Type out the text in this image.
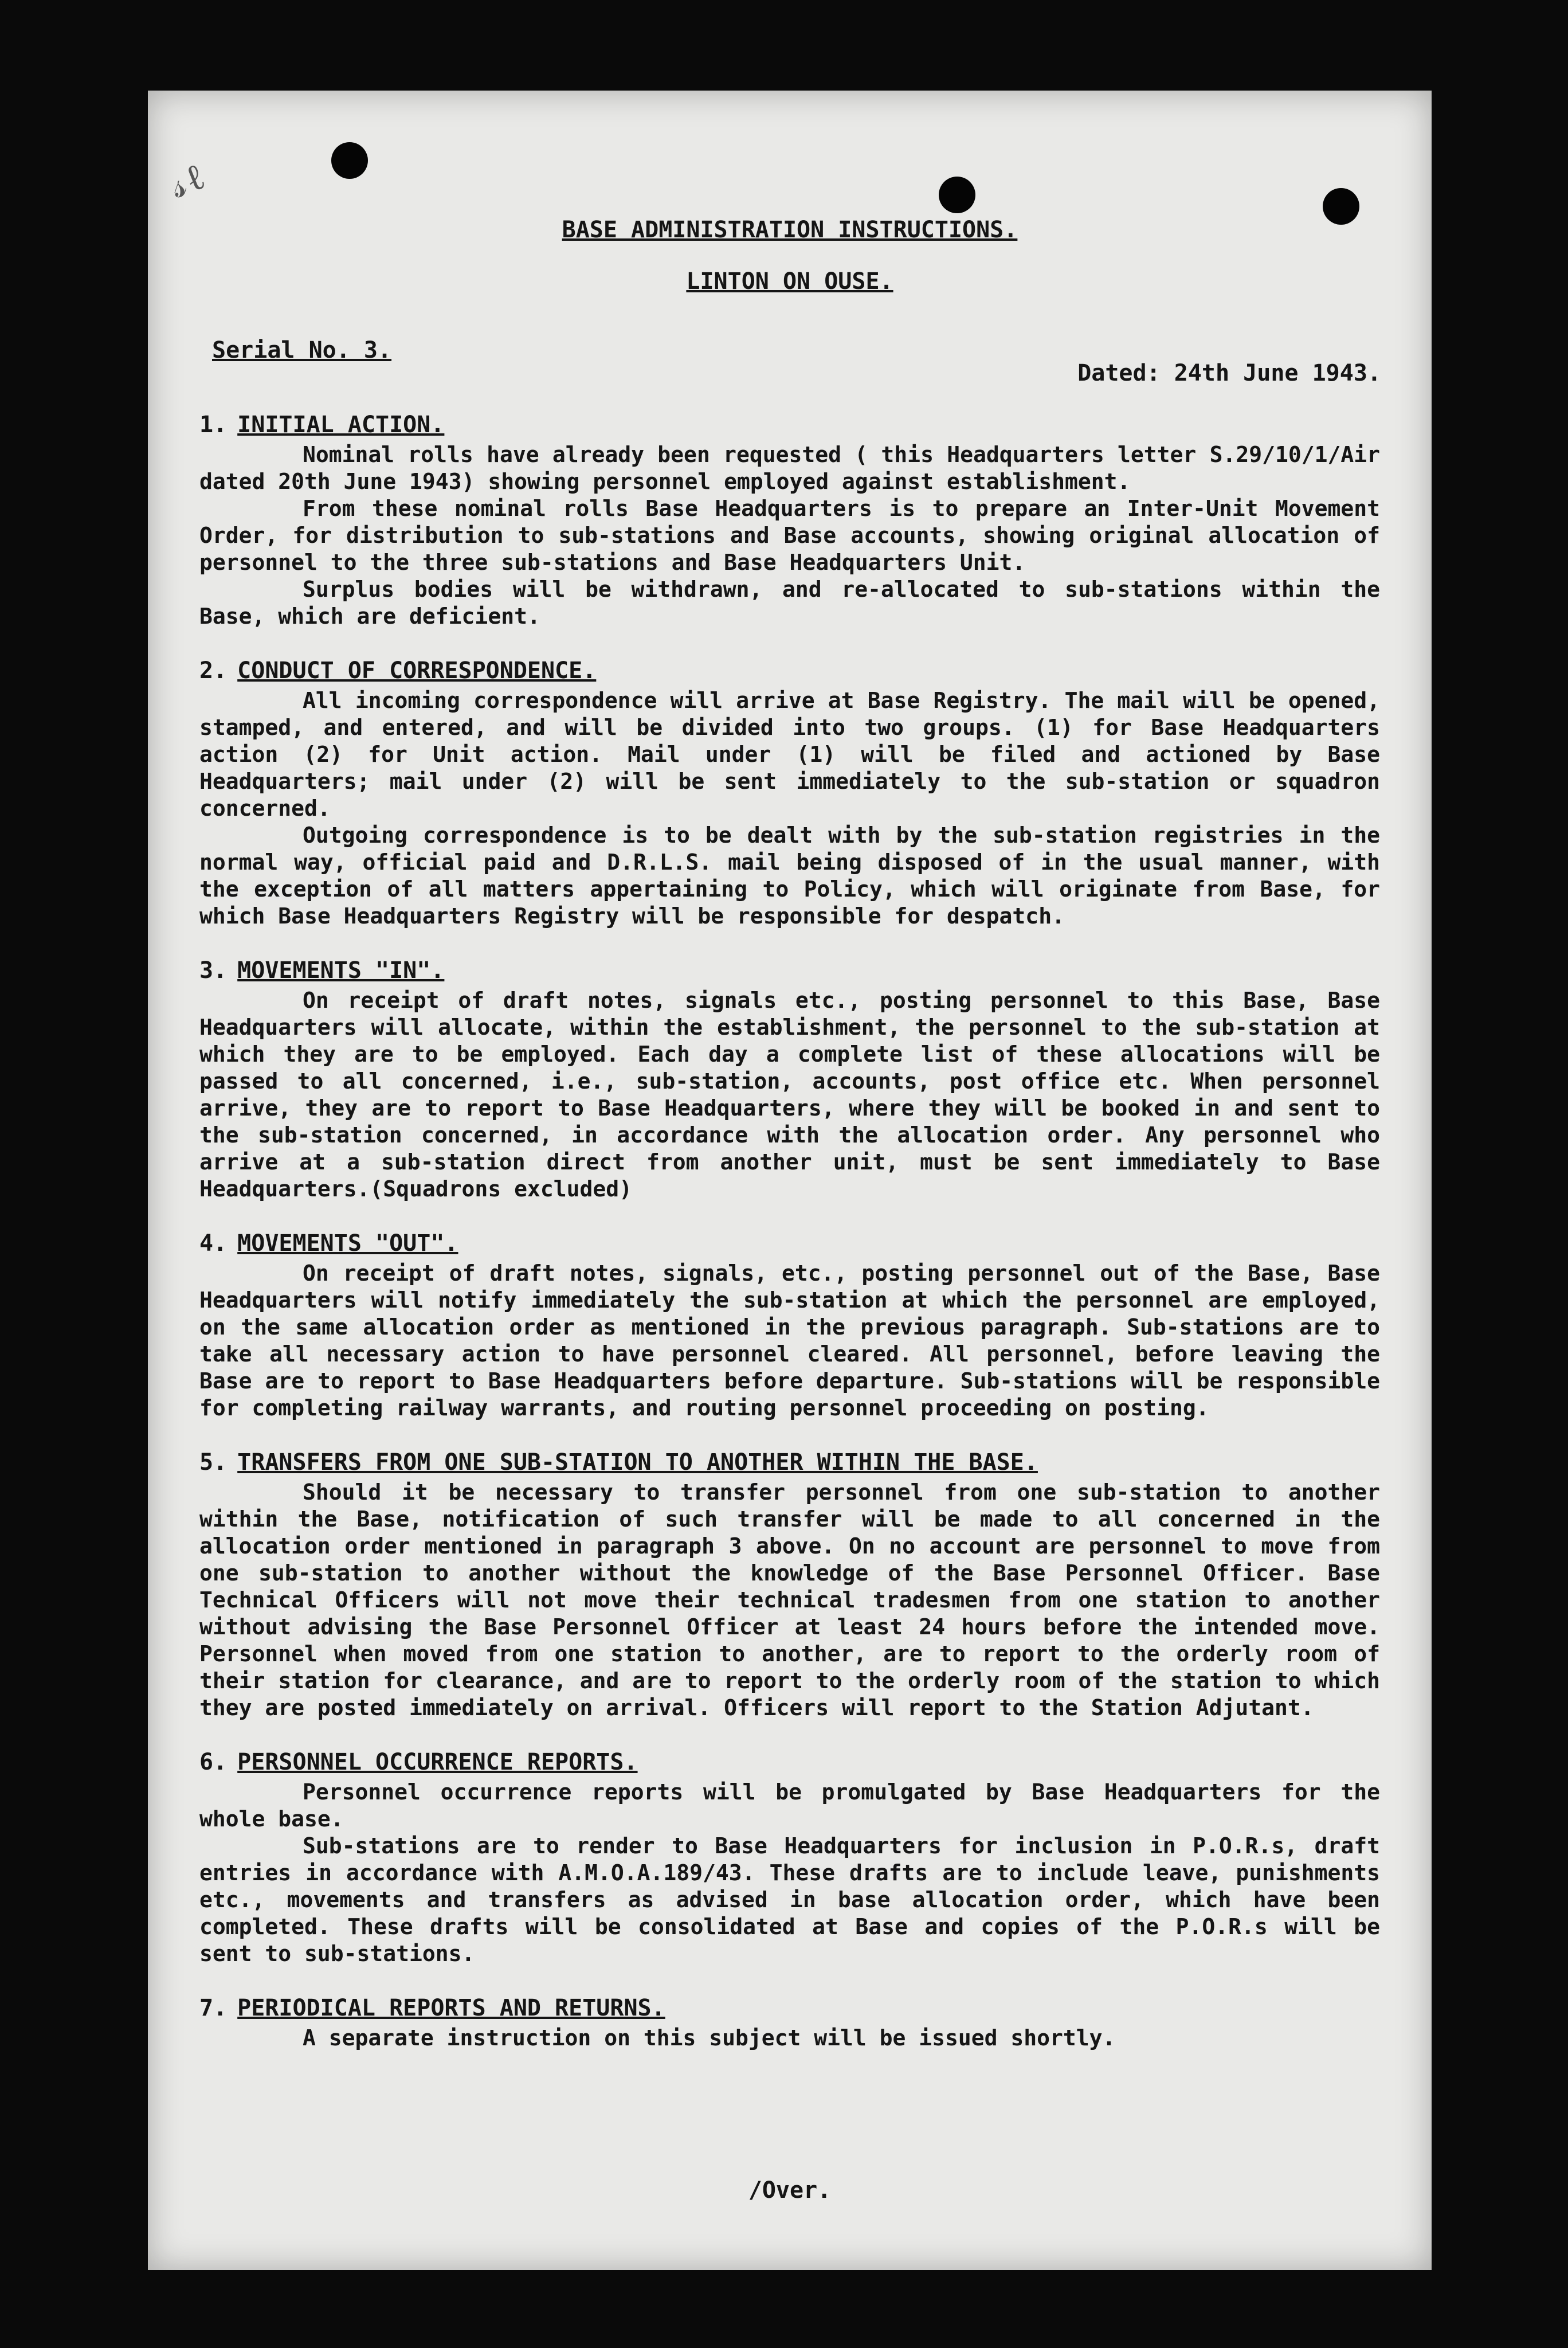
𝓈ℓ
BASE ADMINISTRATION INSTRUCTIONS.
LINTON ON OUSE.
Serial No. 3.
Dated: 24th June 1943.
1. INITIAL ACTION.

Nominal rolls have already been requested ( this Headquarters letter S.29/10/1/Air dated 20th June 1943) showing personnel employed against establishment.

From these nominal rolls Base Headquarters is to prepare an Inter-Unit Movement Order, for distribution to sub-stations and Base accounts, showing original allocation of personnel to the three sub-stations and Base Headquarters Unit.

Surplus bodies will be withdrawn, and re-allocated to sub-stations within the Base, which are deficient.

2. CONDUCT OF CORRESPONDENCE.

All incoming correspondence will arrive at Base Registry. The mail will be opened, stamped, and entered, and will be divided into two groups. (1) for Base Headquarters action (2) for Unit action. Mail under (1) will be filed and actioned by Base Headquarters; mail under (2) will be sent immediately to the sub-station or squadron concerned.

Outgoing correspondence is to be dealt with by the sub-station registries in the normal way, official paid and D.R.L.S. mail being disposed of in the usual manner, with the exception of all matters appertaining to Policy, which will originate from Base, for which Base Headquarters Registry will be responsible for despatch.

3. MOVEMENTS "IN".

On receipt of draft notes, signals etc., posting personnel to this Base, Base Headquarters will allocate, within the establishment, the personnel to the sub-station at which they are to be employed. Each day a complete list of these allocations will be passed to all concerned, i.e., sub-station, accounts, post office etc. When personnel arrive, they are to report to Base Headquarters, where they will be booked in and sent to the sub-station concerned, in accordance with the allocation order. Any personnel who arrive at a sub-station direct from another unit, must be sent immediately to Base Headquarters.(Squadrons excluded)

4. MOVEMENTS "OUT".

On receipt of draft notes, signals, etc., posting personnel out of the Base, Base Headquarters will notify immediately the sub-station at which the personnel are employed, on the same allocation order as mentioned in the previous paragraph. Sub-stations are to take all necessary action to have personnel cleared. All personnel, before leaving the Base are to report to Base Headquarters before departure. Sub-stations will be responsible for completing railway warrants, and routing personnel proceeding on posting.

5. TRANSFERS FROM ONE SUB-STATION TO ANOTHER WITHIN THE BASE.

Should it be necessary to transfer personnel from one sub-station to another within the Base, notification of such transfer will be made to all concerned in the allocation order mentioned in paragraph 3 above. On no account are personnel to move from one sub-station to another without the knowledge of the Base Personnel Officer. Base Technical Officers will not move their technical tradesmen from one station to another without advising the Base Personnel Officer at least 24 hours before the intended move. Personnel when moved from one station to another, are to report to the orderly room of their station for clearance, and are to report to the orderly room of the station to which they are posted immediately on arrival. Officers will report to the Station Adjutant.

6. PERSONNEL OCCURRENCE REPORTS.

Personnel occurrence reports will be promulgated by Base Headquarters for the whole base.

Sub-stations are to render to Base Headquarters for inclusion in P.O.R.s, draft entries in accordance with A.M.O.A.189/43. These drafts are to include leave, punishments etc., movements and transfers as advised in base allocation order, which have been completed. These drafts will be consolidated at Base and copies of the P.O.R.s will be sent to sub-stations.

7. PERIODICAL REPORTS AND RETURNS.

A separate instruction on this subject will be issued shortly.

/Over.
